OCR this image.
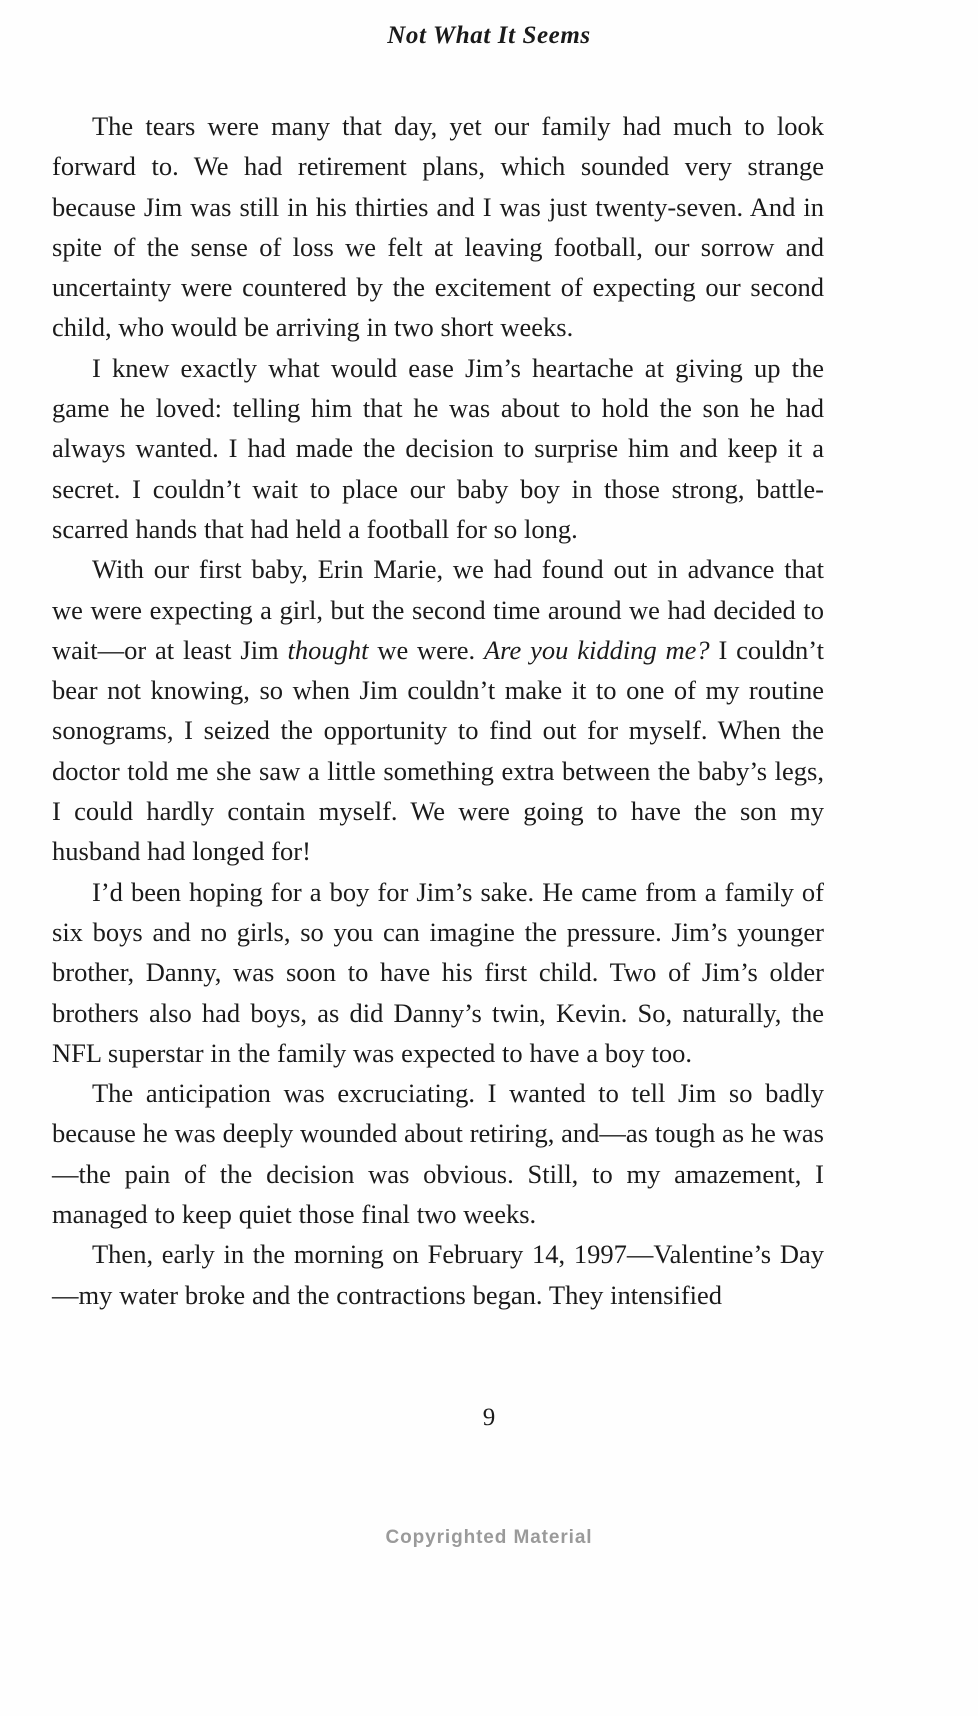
Not What It Seems

The tears were many that day, yet our family had much to look forward to. We had retirement plans, which sounded very strange because Jim was still in his thirties and I was just twenty-seven. And in spite of the sense of loss we felt at leaving football, our sorrow and uncertainty were countered by the excitement of expecting our second child, who would be arriving in two short weeks.

I knew exactly what would ease Jim’s heartache at giving up the game he loved: telling him that he was about to hold the son he had always wanted. I had made the decision to surprise him and keep it a secret. I couldn’t wait to place our baby boy in those strong, battle-scarred hands that had held a football for so long.

With our first baby, Erin Marie, we had found out in advance that we were expecting a girl, but the second time around we had decided to wait—or at least Jim thought we were. Are you kidding me? I couldn’t bear not knowing, so when Jim couldn’t make it to one of my routine sonograms, I seized the opportunity to find out for myself. When the doctor told me she saw a little something extra between the baby’s legs, I could hardly contain myself. We were going to have the son my husband had longed for!

I’d been hoping for a boy for Jim’s sake. He came from a family of six boys and no girls, so you can imagine the pressure. Jim’s younger brother, Danny, was soon to have his first child. Two of Jim’s older brothers also had boys, as did Danny’s twin, Kevin. So, naturally, the NFL superstar in the family was expected to have a boy too.

The anticipation was excruciating. I wanted to tell Jim so badly because he was deeply wounded about retiring, and—as tough as he was—the pain of the decision was obvious. Still, to my amazement, I managed to keep quiet those final two weeks.

Then, early in the morning on February 14, 1997—Valentine’s Day—my water broke and the contractions began. They intensified

9
Copyrighted Material
